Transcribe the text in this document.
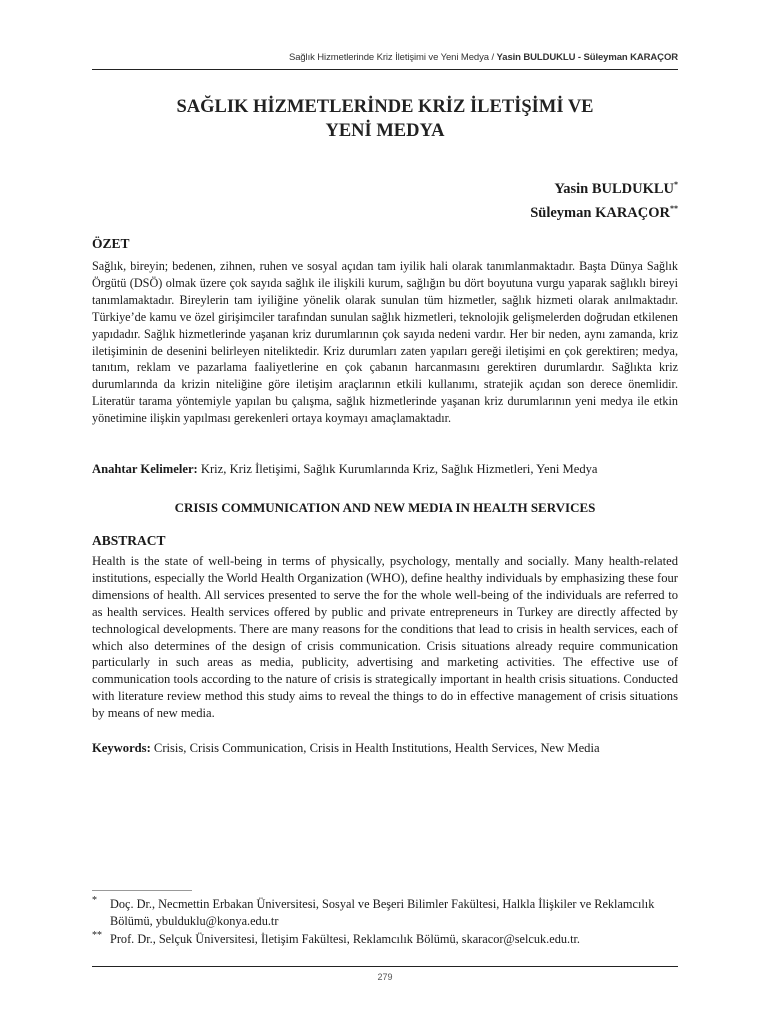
Sağlık Hizmetlerinde Kriz İletişimi ve Yeni Medya / Yasin BULDUKLU - Süleyman KARAÇOR
SAĞLIK HİZMETLERİNDE KRİZ İLETİŞİMİ VE
YENİ MEDYA
Yasin BULDUKLU*
Süleyman KARAÇOR**
ÖZET
Sağlık, bireyin; bedenen, zihnen, ruhen ve sosyal açıdan tam iyilik hali olarak tanımlanmaktadır. Başta Dünya Sağlık Örgütü (DSÖ) olmak üzere çok sayıda sağlık ile ilişkili kurum, sağlığın bu dört boyutuna vurgu yaparak sağlıklı bireyi tanımlamaktadır. Bireylerin tam iyiliğine yönelik olarak sunulan tüm hizmetler, sağlık hizmeti olarak anılmaktadır. Türkiye’de kamu ve özel girişimciler tarafından sunulan sağlık hizmetleri, teknolojik gelişmelerden doğrudan etkilenen yapıdadır. Sağlık hizmetlerinde yaşanan kriz durumlarının çok sayıda nedeni vardır. Her bir neden, aynı zamanda, kriz iletişiminin de desenini belirleyen niteliktedir. Kriz durumları zaten yapıları gereği iletişimi en çok gerektiren; medya, tanıtım, reklam ve pazarlama faaliyetlerine en çok çabanın harcanmasını gerektiren durumlardır. Sağlıkta kriz durumlarında da krizin niteliğine göre iletişim araçlarının etkili kullanımı, stratejik açıdan son derece önemlidir. Literatür tarama yöntemiyle yapılan bu çalışma, sağlık hizmetlerinde yaşanan kriz durumlarının yeni medya ile etkin yönetimine ilişkin yapılması gerekenleri ortaya koymayı amaçlamaktadır.
Anahtar Kelimeler: Kriz, Kriz İletişimi, Sağlık Kurumlarında Kriz, Sağlık Hizmetleri, Yeni Medya
CRISIS COMMUNICATION AND NEW MEDIA IN HEALTH SERVICES
ABSTRACT
Health is the state of well-being in terms of physically, psychology, mentally and socially. Many health-related institutions, especially the World Health Organization (WHO), define healthy individuals by emphasizing these four dimensions of health. All services presented to serve the for the whole well-being of the individuals are referred to as health services. Health services offered by public and private entrepreneurs in Turkey are directly affected by technological developments. There are many reasons for the conditions that lead to crisis in health services, each of which also determines of the design of crisis communication. Crisis situations already require communication particularly in such areas as media, publicity, advertising and marketing activities. The effective use of communication tools according to the nature of crisis is strategically important in health crisis situations. Conducted with literature review method this study aims to reveal the things to do in effective management of crisis situations by means of new media.
Keywords: Crisis, Crisis Communication, Crisis in Health Institutions, Health Services, New Media
* Doç. Dr., Necmettin Erbakan Üniversitesi, Sosyal ve Beşeri Bilimler Fakültesi, Halkla İlişkiler ve Reklamcılık Bölümü, ybulduklu@konya.edu.tr
** Prof. Dr., Selçuk Üniversitesi, İletişim Fakültesi, Reklamcılık Bölümü, skaracor@selcuk.edu.tr.
279
